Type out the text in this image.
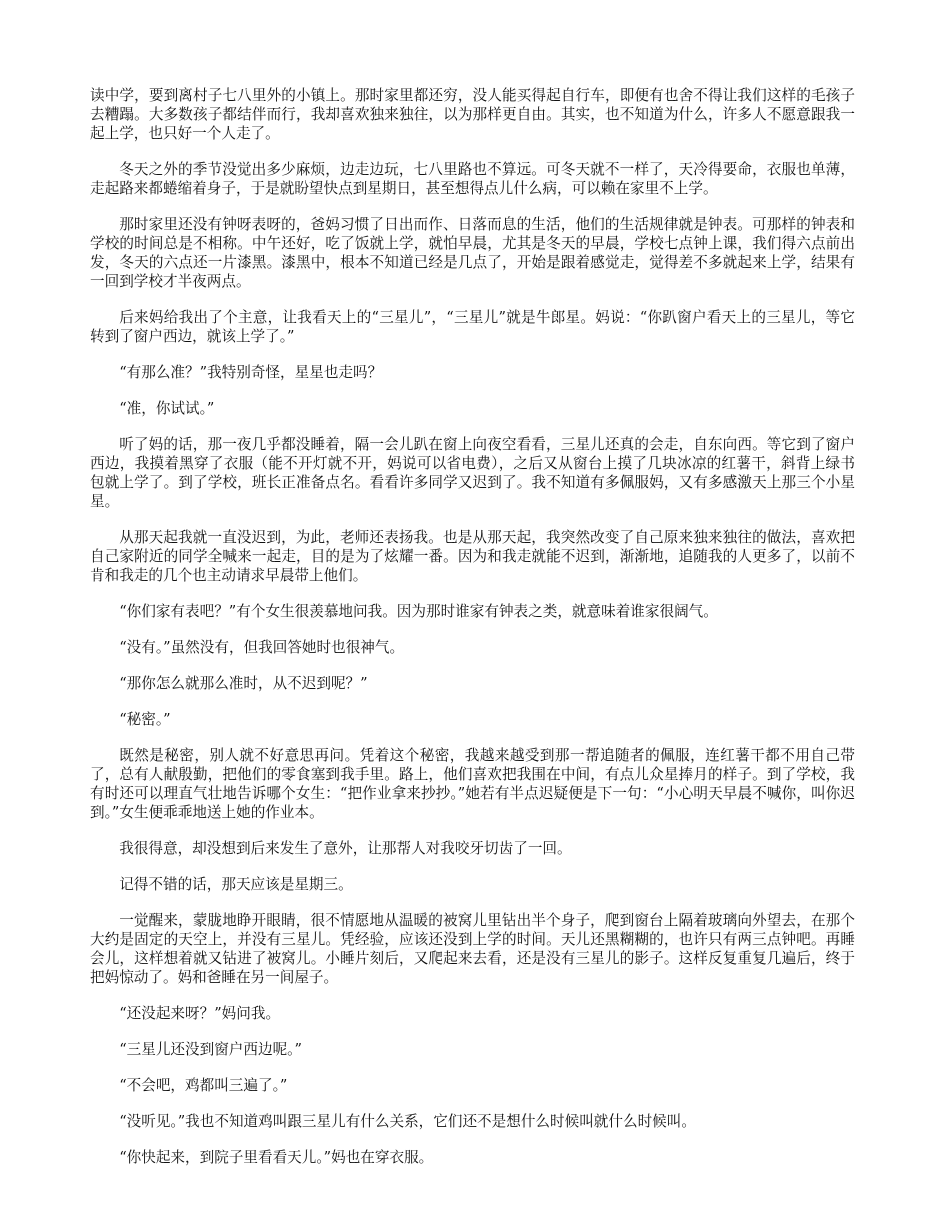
读中学，要到离村子七八里外的小镇上。那时家里都还穷，没人能买得起自行车，即便有也舍不得让我们这样的毛孩子去糟蹋。大多数孩子都结伴而行，我却喜欢独来独往，以为那样更自由。其实，也不知道为什么，许多人不愿意跟我一起上学，也只好一个人走了。

冬天之外的季节没觉出多少麻烦，边走边玩，七八里路也不算远。可冬天就不一样了，天冷得要命，衣服也单薄，走起路来都蜷缩着身子，于是就盼望快点到星期日，甚至想得点儿什么病，可以赖在家里不上学。

那时家里还没有钟呀表呀的，爸妈习惯了日出而作、日落而息的生活，他们的生活规律就是钟表。可那样的钟表和学校的时间总是不相称。中午还好，吃了饭就上学，就怕早晨，尤其是冬天的早晨，学校七点钟上课，我们得六点前出发，冬天的六点还一片漆黑。漆黑中，根本不知道已经是几点了，开始是跟着感觉走，觉得差不多就起来上学，结果有一回到学校才半夜两点。

后来妈给我出了个主意，让我看天上的“三星儿”，“三星儿”就是牛郎星。妈说：“你趴窗户看天上的三星儿，等它转到了窗户西边，就该上学了。”

“有那么准？”我特别奇怪，星星也走吗？

“准，你试试。”

听了妈的话，那一夜几乎都没睡着，隔一会儿趴在窗上向夜空看看，三星儿还真的会走，自东向西。等它到了窗户西边，我摸着黑穿了衣服（能不开灯就不开，妈说可以省电费），之后又从窗台上摸了几块冰凉的红薯干，斜背上绿书包就上学了。到了学校，班长正准备点名。看看许多同学又迟到了。我不知道有多佩服妈，又有多感激天上那三个小星星。

从那天起我就一直没迟到，为此，老师还表扬我。也是从那天起，我突然改变了自己原来独来独往的做法，喜欢把自己家附近的同学全喊来一起走，目的是为了炫耀一番。因为和我走就能不迟到，渐渐地，追随我的人更多了，以前不肯和我走的几个也主动请求早晨带上他们。

“你们家有表吧？”有个女生很羡慕地问我。因为那时谁家有钟表之类，就意味着谁家很阔气。

“没有。”虽然没有，但我回答她时也很神气。

“那你怎么就那么准时，从不迟到呢？”

“秘密。”

既然是秘密，别人就不好意思再问。凭着这个秘密，我越来越受到那一帮追随者的佩服，连红薯干都不用自己带了，总有人献殷勤，把他们的零食塞到我手里。路上，他们喜欢把我围在中间，有点儿众星捧月的样子。到了学校，我有时还可以理直气壮地告诉哪个女生：“把作业拿来抄抄。”她若有半点迟疑便是下一句：“小心明天早晨不喊你，叫你迟到。”女生便乖乖地送上她的作业本。

我很得意，却没想到后来发生了意外，让那帮人对我咬牙切齿了一回。

记得不错的话，那天应该是星期三。

一觉醒来，蒙胧地睁开眼睛，很不情愿地从温暖的被窝儿里钻出半个身子，爬到窗台上隔着玻璃向外望去，在那个大约是固定的天空上，并没有三星儿。凭经验，应该还没到上学的时间。天儿还黑糊糊的，也许只有两三点钟吧。再睡会儿，这样想着就又钻进了被窝儿。小睡片刻后，又爬起来去看，还是没有三星儿的影子。这样反复重复几遍后，终于把妈惊动了。妈和爸睡在另一间屋子。

“还没起来呀？”妈问我。

“三星儿还没到窗户西边呢。”

“不会吧，鸡都叫三遍了。”

“没听见。”我也不知道鸡叫跟三星儿有什么关系，它们还不是想什么时候叫就什么时候叫。

“你快起来，到院子里看看天儿。”妈也在穿衣服。
